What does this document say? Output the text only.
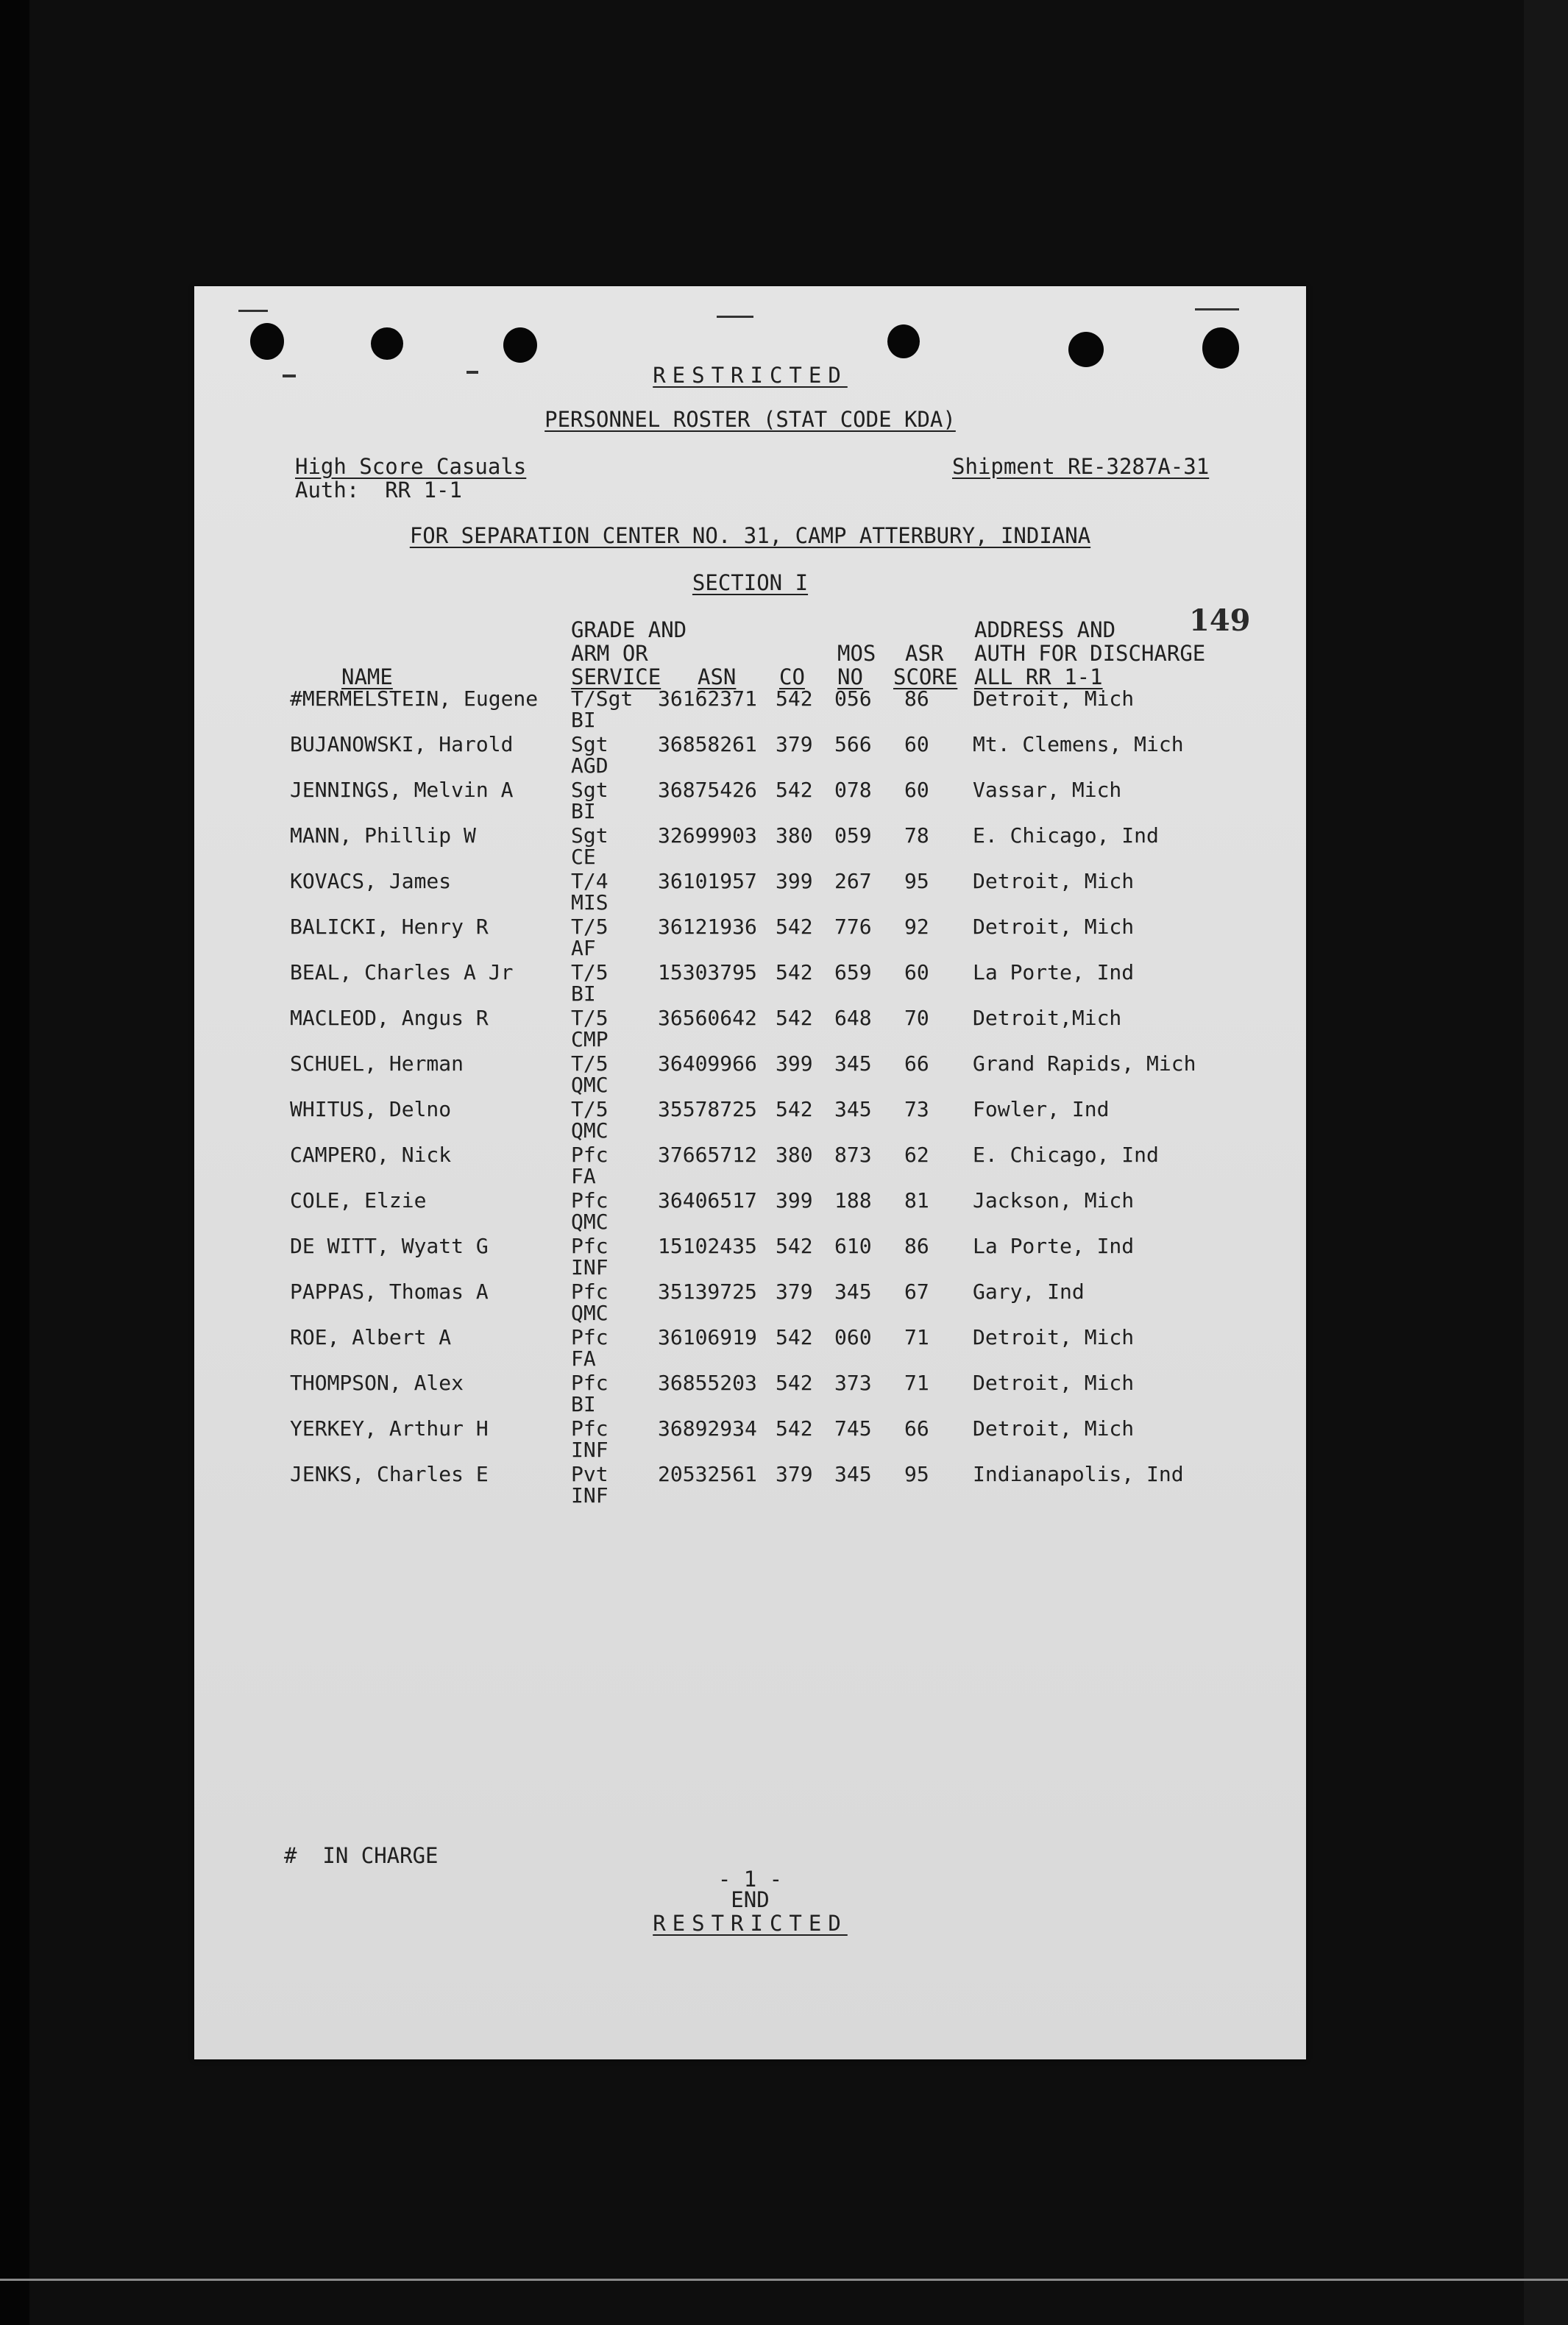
RESTRICTED
PERSONNEL ROSTER (STAT CODE KDA)
High Score Casuals
Auth:  RR 1-1
Shipment RE-3287A-31
FOR SEPARATION CENTER NO. 31, CAMP ATTERBURY, INDIANA
SECTION I
149
NAME
GRADE AND
ARM OR
SERVICE ASN CO
MOS
NO
ASR
SCORE
ADDRESS AND
AUTH FOR DISCHARGE
ALL RR 1-1
#MERMELSTEIN, Eugene T/Sgt
BI
36162371 542 056 86 Detroit, Mich
BUJANOWSKI, Harold	Sgt
AGD
36858261 379 566 60 Mt. Clemens, Mich
JENNINGS, Melvin A	Sgt
BI
36875426 542 078 60 Vassar, Mich
MANN, Phillip W	Sgt
CE
32699903 380 059 78 E. Chicago, Ind
KOVACS, James	T/4
MIS
36101957 399 267 95 Detroit, Mich
BALICKI, Henry R	T/5
AF
36121936 542 776 92 Detroit, Mich
BEAL, Charles A Jr	T/5
BI
15303795 542 659 60 La Porte, Ind
MACLEOD, Angus R	T/5
CMP
36560642 542 648 70 Detroit,Mich
SCHUEL, Herman	T/5
QMC
36409966 399 345 66 Grand Rapids, Mich
WHITUS, Delno	T/5
QMC
35578725 542 345 73 Fowler, Ind
CAMPERO, Nick	Pfc
FA
37665712 380 873 62 E. Chicago, Ind
COLE, Elzie	Pfc
QMC
36406517 399 188 81 Jackson, Mich
DE WITT, Wyatt G	Pfc
INF
15102435 542 610 86 La Porte, Ind
PAPPAS, Thomas A	Pfc
QMC
35139725 379 345 67 Gary, Ind
ROE, Albert A	Pfc
FA
36106919 542 060 71 Detroit, Mich
THOMPSON, Alex	Pfc
BI
36855203 542 373 71 Detroit, Mich
YERKEY, Arthur H	Pfc
INF
36892934 542 745 66 Detroit, Mich
JENKS, Charles E	Pvt
INF
20532561 379 345 95 Indianapolis, Ind
#  IN CHARGE
- 1 -
END
RESTRICTED
